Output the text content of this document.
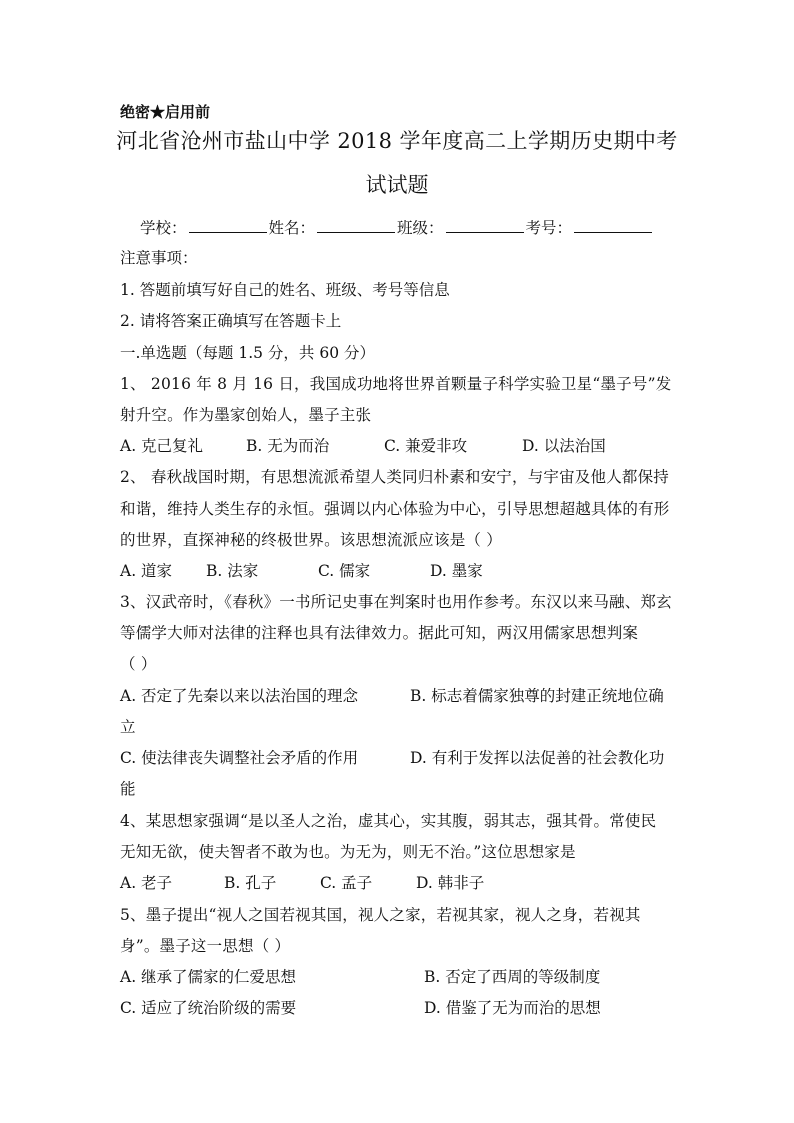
绝密★启用前
河北省沧州市盐山中学 2018 学年度高二上学期历史期中考
试试题
学校：	姓名：	班级：	考号：
注意事项：
1. 答题前填写好自己的姓名、班级、考号等信息
2. 请将答案正确填写在答题卡上
一.单选题（每题 1.5 分，共 60 分）
1、 2016 年 8 月 16 日，我国成功地将世界首颗量子科学实验卫星“墨子号”发
射升空。作为墨家创始人，墨子主张
A. 克己复礼	B. 无为而治	C. 兼爱非攻	D. 以法治国
2、 春秋战国时期，有思想流派希望人类同归朴素和安宁，与宇宙及他人都保持
和谐，维持人类生存的永恒。强调以内心体验为中心，引导思想超越具体的有形
的世界，直探神秘的终极世界。该思想流派应该是（ ）
A. 道家 B. 法家	C. 儒家	D. 墨家
3、汉武帝时，《春秋》一书所记史事在判案时也用作参考。东汉以来马融、郑玄
等儒学大师对法律的注释也具有法律效力。据此可知，两汉用儒家思想判案
（ ）
A. 否定了先秦以来以法治国的理念	B. 标志着儒家独尊的封建正统地位确
立
C. 使法律丧失调整社会矛盾的作用	D. 有利于发挥以法促善的社会教化功
能
4、某思想家强调“是以圣人之治，虚其心，实其腹，弱其志，强其骨。常使民
无知无欲，使夫智者不敢为也。为无为，则无不治。”这位思想家是
A. 老子	B. 孔子	C. 孟子	D. 韩非子
5、墨子提出“视人之国若视其国，视人之家，若视其家，视人之身，若视其
身”。墨子这一思想（ ）
A. 继承了儒家的仁爱思想	B. 否定了西周的等级制度
C. 适应了统治阶级的需要	D. 借鉴了无为而治的思想
